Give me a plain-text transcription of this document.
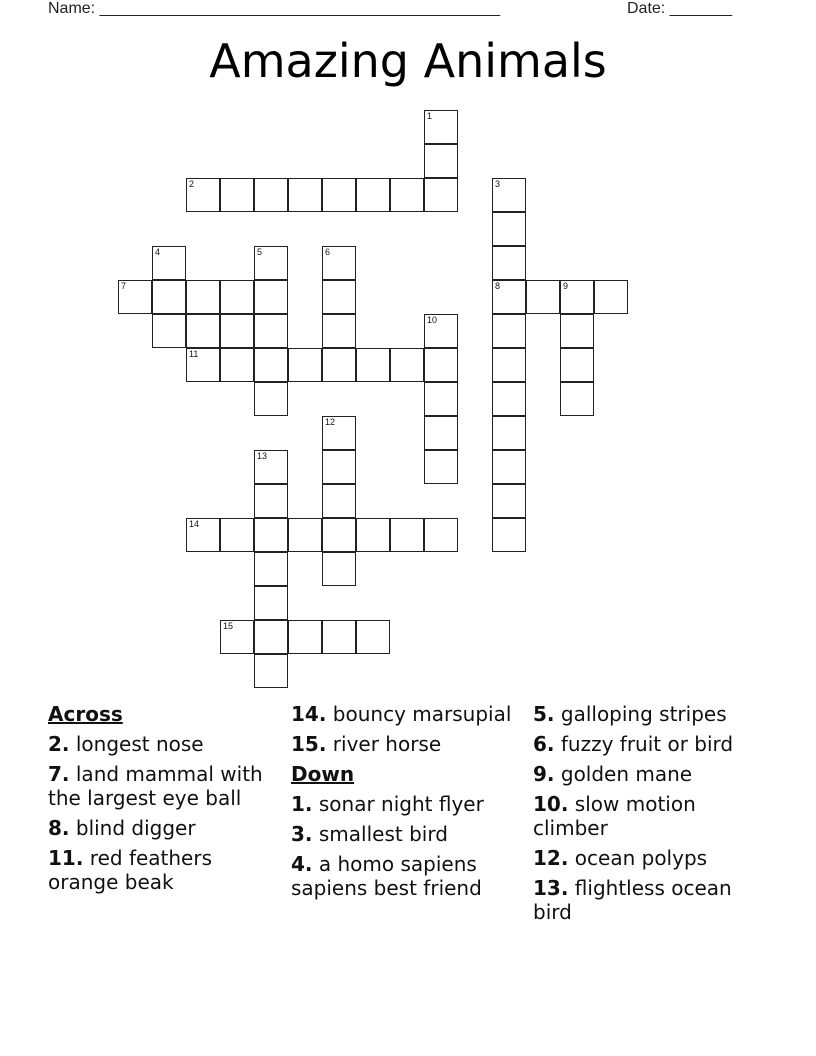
Name: _____________________________________________	Date: _______
Amazing Animals
1
2	3
8
4	5	6
7	9
10
11
12
13
14
15
Across
2. longest nose
7. land mammal with the largest eye ball
8. blind digger
11. red feathers orange beak
14. bouncy marsupial
15. river horse
Down
1. sonar night flyer
3. smallest bird
4. a homo sapiens sapiens best friend
5. galloping stripes
6. fuzzy fruit or bird
9. golden mane
10. slow motion climber
12. ocean polyps
13. flightless ocean bird
